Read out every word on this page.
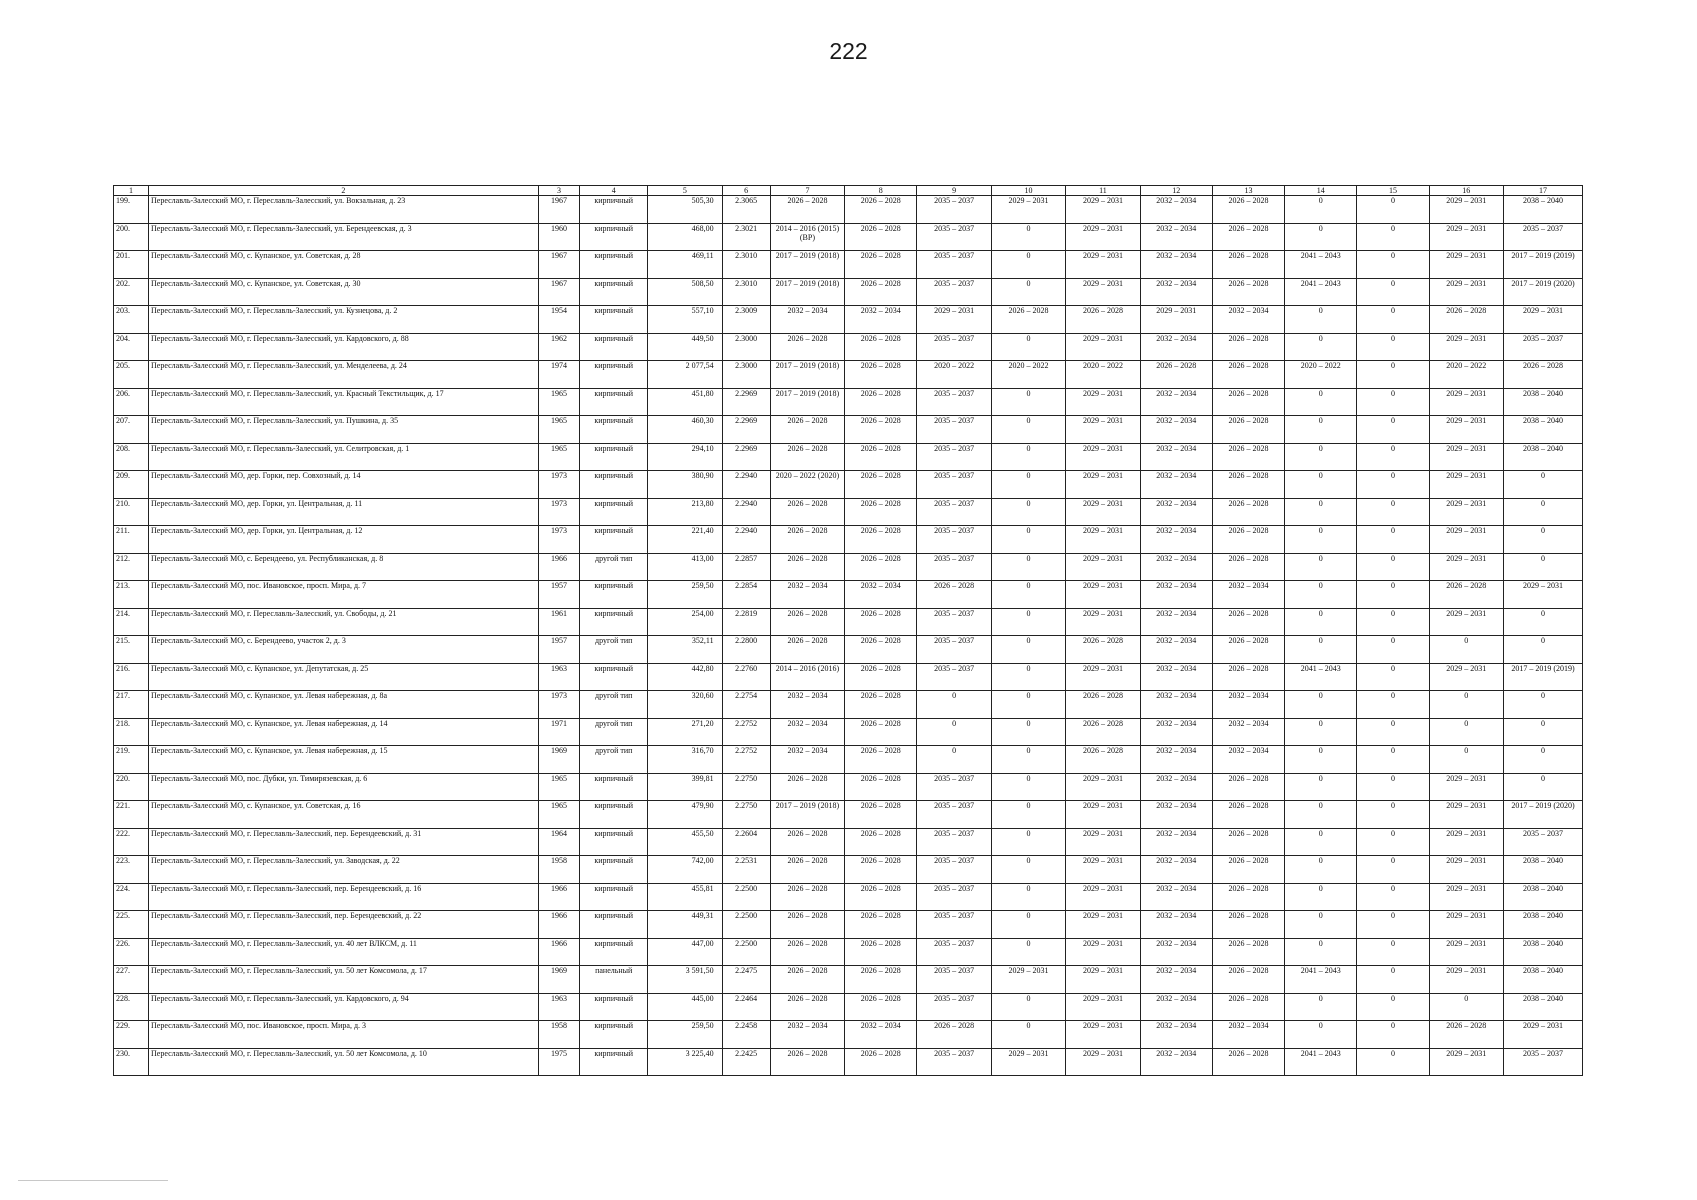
222
1	2	3	4	5	6	7	8	9	10	11	12	13	14	15	16	17
199.	Переславль-Залесский МО, г. Переславль-Залесский, ул. Вокзальная, д. 23	1967	кирпичный	505,30	2.3065	2026 – 2028	2026 – 2028	2035 – 2037	2029 – 2031	2029 – 2031	2032 – 2034	2026 – 2028	0	0	2029 – 2031	2038 – 2040
200.	Переславль-Залесский МО, г. Переславль-Залесский, ул. Берендеевская, д. 3	1960	кирпичный	468,00	2.3021	2014 – 2016 (2015) (ВР)	2026 – 2028	2035 – 2037	0	2029 – 2031	2032 – 2034	2026 – 2028	0	0	2029 – 2031	2035 – 2037
201.	Переславль-Залесский МО, с. Купанское, ул. Советская, д. 28	1967	кирпичный	469,11	2.3010	2017 – 2019 (2018)	2026 – 2028	2035 – 2037	0	2029 – 2031	2032 – 2034	2026 – 2028	2041 – 2043	0	2029 – 2031	2017 – 2019 (2019)
202.	Переславль-Залесский МО, с. Купанское, ул. Советская, д. 30	1967	кирпичный	508,50	2.3010	2017 – 2019 (2018)	2026 – 2028	2035 – 2037	0	2029 – 2031	2032 – 2034	2026 – 2028	2041 – 2043	0	2029 – 2031	2017 – 2019 (2020)
203.	Переславль-Залесский МО, г. Переславль-Залесский, ул. Кузнецова, д. 2	1954	кирпичный	557,10	2.3009	2032 – 2034	2032 – 2034	2029 – 2031	2026 – 2028	2026 – 2028	2029 – 2031	2032 – 2034	0	0	2026 – 2028	2029 – 2031
204.	Переславль-Залесский МО, г. Переславль-Залесский, ул. Кардовского, д. 88	1962	кирпичный	449,50	2.3000	2026 – 2028	2026 – 2028	2035 – 2037	0	2029 – 2031	2032 – 2034	2026 – 2028	0	0	2029 – 2031	2035 – 2037
205.	Переславль-Залесский МО, г. Переславль-Залесский, ул. Менделеева, д. 24	1974	кирпичный	2 077,54	2.3000	2017 – 2019 (2018)	2026 – 2028	2020 – 2022	2020 – 2022	2020 – 2022	2026 – 2028	2026 – 2028	2020 – 2022	0	2020 – 2022	2026 – 2028
206.	Переславль-Залесский МО, г. Переславль-Залесский, ул. Красный Текстильщик, д. 17	1965	кирпичный	451,80	2.2969	2017 – 2019 (2018)	2026 – 2028	2035 – 2037	0	2029 – 2031	2032 – 2034	2026 – 2028	0	0	2029 – 2031	2038 – 2040
207.	Переславль-Залесский МО, г. Переславль-Залесский, ул. Пушкина, д. 35	1965	кирпичный	460,30	2.2969	2026 – 2028	2026 – 2028	2035 – 2037	0	2029 – 2031	2032 – 2034	2026 – 2028	0	0	2029 – 2031	2038 – 2040
208.	Переславль-Залесский МО, г. Переславль-Залесский, ул. Селитровская, д. 1	1965	кирпичный	294,10	2.2969	2026 – 2028	2026 – 2028	2035 – 2037	0	2029 – 2031	2032 – 2034	2026 – 2028	0	0	2029 – 2031	2038 – 2040
209.	Переславль-Залесский МО, дер. Горки, пер. Совхозный, д. 14	1973	кирпичный	380,90	2.2940	2020 – 2022 (2020)	2026 – 2028	2035 – 2037	0	2029 – 2031	2032 – 2034	2026 – 2028	0	0	2029 – 2031	0
210.	Переславль-Залесский МО, дер. Горки, ул. Центральная, д. 11	1973	кирпичный	213,80	2.2940	2026 – 2028	2026 – 2028	2035 – 2037	0	2029 – 2031	2032 – 2034	2026 – 2028	0	0	2029 – 2031	0
211.	Переславль-Залесский МО, дер. Горки, ул. Центральная, д. 12	1973	кирпичный	221,40	2.2940	2026 – 2028	2026 – 2028	2035 – 2037	0	2029 – 2031	2032 – 2034	2026 – 2028	0	0	2029 – 2031	0
212.	Переславль-Залесский МО, с. Берендеево, ул. Республиканская, д. 8	1966	другой тип	413,00	2.2857	2026 – 2028	2026 – 2028	2035 – 2037	0	2029 – 2031	2032 – 2034	2026 – 2028	0	0	2029 – 2031	0
213.	Переславль-Залесский МО, пос. Ивановское, просп. Мира, д. 7	1957	кирпичный	259,50	2.2854	2032 – 2034	2032 – 2034	2026 – 2028	0	2029 – 2031	2032 – 2034	2032 – 2034	0	0	2026 – 2028	2029 – 2031
214.	Переславль-Залесский МО, г. Переславль-Залесский, ул. Свободы, д. 21	1961	кирпичный	254,00	2.2819	2026 – 2028	2026 – 2028	2035 – 2037	0	2029 – 2031	2032 – 2034	2026 – 2028	0	0	2029 – 2031	0
215.	Переславль-Залесский МО, с. Берендеево, участок 2, д. 3	1957	другой тип	352,11	2.2800	2026 – 2028	2026 – 2028	2035 – 2037	0	2026 – 2028	2032 – 2034	2026 – 2028	0	0	0	0
216.	Переславль-Залесский МО, с. Купанское, ул. Депутатская, д. 25	1963	кирпичный	442,80	2.2760	2014 – 2016 (2016)	2026 – 2028	2035 – 2037	0	2029 – 2031	2032 – 2034	2026 – 2028	2041 – 2043	0	2029 – 2031	2017 – 2019 (2019)
217.	Переславль-Залесский МО, с. Купанское, ул. Левая набережная, д. 8а	1973	другой тип	320,60	2.2754	2032 – 2034	2026 – 2028	0	0	2026 – 2028	2032 – 2034	2032 – 2034	0	0	0	0
218.	Переславль-Залесский МО, с. Купанское, ул. Левая набережная, д. 14	1971	другой тип	271,20	2.2752	2032 – 2034	2026 – 2028	0	0	2026 – 2028	2032 – 2034	2032 – 2034	0	0	0	0
219.	Переславль-Залесский МО, с. Купанское, ул. Левая набережная, д. 15	1969	другой тип	316,70	2.2752	2032 – 2034	2026 – 2028	0	0	2026 – 2028	2032 – 2034	2032 – 2034	0	0	0	0
220.	Переславль-Залесский МО, пос. Дубки, ул. Тимирязевская, д. 6	1965	кирпичный	399,81	2.2750	2026 – 2028	2026 – 2028	2035 – 2037	0	2029 – 2031	2032 – 2034	2026 – 2028	0	0	2029 – 2031	0
221.	Переславль-Залесский МО, с. Купанское, ул. Советская, д. 16	1965	кирпичный	479,90	2.2750	2017 – 2019 (2018)	2026 – 2028	2035 – 2037	0	2029 – 2031	2032 – 2034	2026 – 2028	0	0	2029 – 2031	2017 – 2019 (2020)
222.	Переславль-Залесский МО, г. Переславль-Залесский, пер. Берендеевский, д. 31	1964	кирпичный	455,50	2.2604	2026 – 2028	2026 – 2028	2035 – 2037	0	2029 – 2031	2032 – 2034	2026 – 2028	0	0	2029 – 2031	2035 – 2037
223.	Переславль-Залесский МО, г. Переславль-Залесский, ул. Заводская, д. 22	1958	кирпичный	742,00	2.2531	2026 – 2028	2026 – 2028	2035 – 2037	0	2029 – 2031	2032 – 2034	2026 – 2028	0	0	2029 – 2031	2038 – 2040
224.	Переславль-Залесский МО, г. Переславль-Залесский, пер. Берендеевский, д. 16	1966	кирпичный	455,81	2.2500	2026 – 2028	2026 – 2028	2035 – 2037	0	2029 – 2031	2032 – 2034	2026 – 2028	0	0	2029 – 2031	2038 – 2040
225.	Переславль-Залесский МО, г. Переславль-Залесский, пер. Берендеевский, д. 22	1966	кирпичный	449,31	2.2500	2026 – 2028	2026 – 2028	2035 – 2037	0	2029 – 2031	2032 – 2034	2026 – 2028	0	0	2029 – 2031	2038 – 2040
226.	Переславль-Залесский МО, г. Переславль-Залесский, ул. 40 лет ВЛКСМ, д. 11	1966	кирпичный	447,00	2.2500	2026 – 2028	2026 – 2028	2035 – 2037	0	2029 – 2031	2032 – 2034	2026 – 2028	0	0	2029 – 2031	2038 – 2040
227.	Переславль-Залесский МО, г. Переславль-Залесский, ул. 50 лет Комсомола, д. 17	1969	панельный	3 591,50	2.2475	2026 – 2028	2026 – 2028	2035 – 2037	2029 – 2031	2029 – 2031	2032 – 2034	2026 – 2028	2041 – 2043	0	2029 – 2031	2038 – 2040
228.	Переславль-Залесский МО, г. Переславль-Залесский, ул. Кардовского, д. 94	1963	кирпичный	445,00	2.2464	2026 – 2028	2026 – 2028	2035 – 2037	0	2029 – 2031	2032 – 2034	2026 – 2028	0	0	0	2038 – 2040
229.	Переславль-Залесский МО, пос. Ивановское, просп. Мира, д. 3	1958	кирпичный	259,50	2.2458	2032 – 2034	2032 – 2034	2026 – 2028	0	2029 – 2031	2032 – 2034	2032 – 2034	0	0	2026 – 2028	2029 – 2031
230.	Переславль-Залесский МО, г. Переславль-Залесский, ул. 50 лет Комсомола, д. 10	1975	кирпичный	3 225,40	2.2425	2026 – 2028	2026 – 2028	2035 – 2037	2029 – 2031	2029 – 2031	2032 – 2034	2026 – 2028	2041 – 2043	0	2029 – 2031	2035 – 2037
